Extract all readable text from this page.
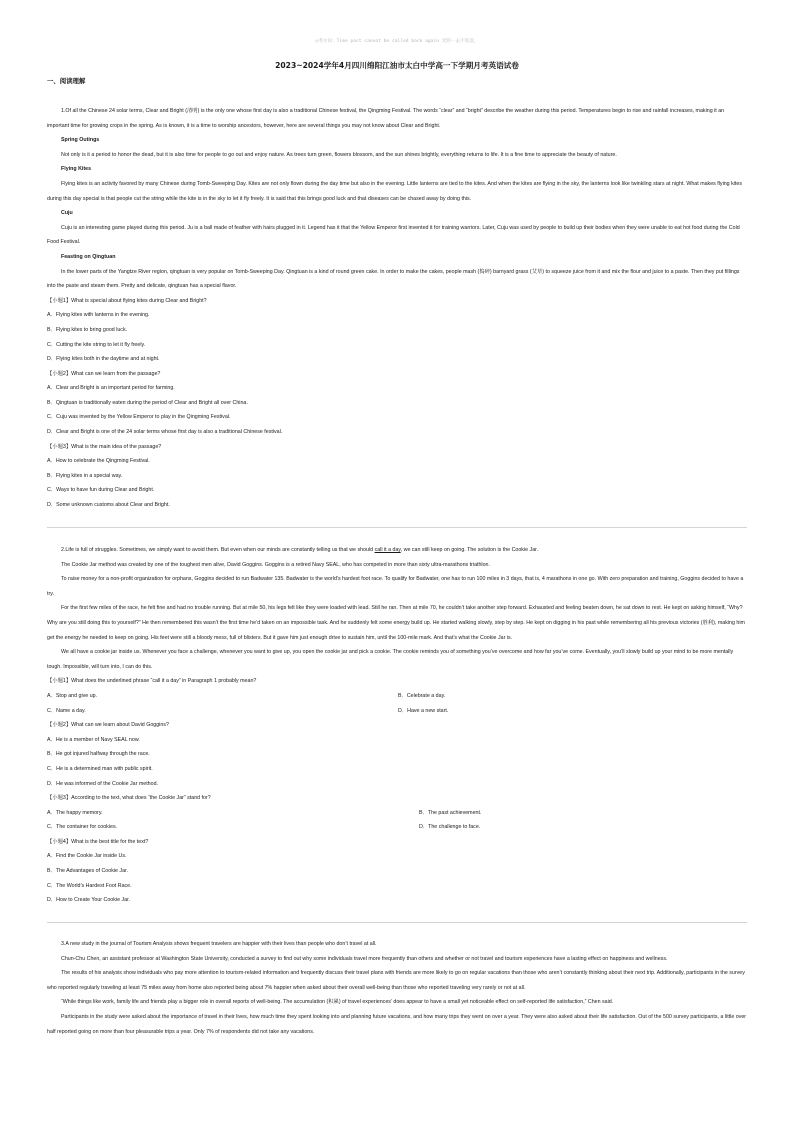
◎考尔问：Time past cannot be called back again 光阴一去不复返。
2023~2024学年4月四川绵阳江油市太白中学高一下学期月考英语试卷
一、阅读理解

1.Of all the Chinese 24 solar terms, Clear and Bright (清明) is the only one whose first day is also a traditional Chinese festival, the Qingming Festival. The words “clear” and “bright” describe the weather during this period. Temperatures begin to rise and rainfall increases, making it an important time for growing crops in the spring. As is known, it is a time to worship ancestors, however, here are several things you may not know about Clear and Bright.

Spring Outings

Not only is it a period to honor the dead, but it is also time for people to go out and enjoy nature. As trees turn green, flowers blossom, and the sun shines brightly, everything returns to life. It is a fine time to appreciate the beauty of nature.

Flying Kites

Flying kites is an activity favored by many Chinese during Tomb-Sweeping Day. Kites are not only flown during the day time but also in the evening. Little lanterns are tied to the kites. And when the kites are flying in the sky, the lanterns look like twinkling stars at night. What makes flying kites during this day special is that people cut the string while the kite is in the sky to let it fly freely. It is said that this brings good luck and that diseases can be chased away by doing this.

Cuju

Cuju is an interesting game played during this period. Ju is a ball made of feather with hairs plugged in it. Legend has it that the Yellow Emperor first invented it for training warriors. Later, Cuju was used by people to build up their bodies when they were unable to eat hot food during the Cold Food Festival.

Feasting on Qingtuan

In the lower parts of the Yangtze River region, qingtuan is very popular on Tomb-Sweeping Day. Qingtuan is a kind of round green cake. In order to make the cakes, people mash (捣碎) barnyard grass (艾草) to squeeze juice from it and mix the flour and juice to a paste. Then they put fillings into the paste and steam them. Pretty and delicate, qingtuan has a special flavor.

【小题1】What is special about flying kites during Clear and Bright?

A．Flying kites with lanterns in the evening.

B．Flying kites to bring good luck.

C．Cutting the kite string to let it fly freely.

D．Flying kites both in the daytime and at night.

【小题2】What can we learn from the passage?

A．Clear and Bright is an important period for farming.

B．Qingtuan is traditionally eaten during the period of Clear and Bright all over China.

C．Cuju was invented by the Yellow Emperor to play in the Qingming Festival.

D．Clear and Bright is one of the 24 solar terms whose first day is also a traditional Chinese festival.

【小题3】What is the main idea of the passage?

A．How to celebrate the Qingming Festival.

B．Flying kites in a special way.

C．Ways to have fun during Clear and Bright.

D．Some unknown customs about Clear and Bright.

2.Life is full of struggles. Sometimes, we simply want to avoid them. But even when our minds are constantly telling us that we should call it a day, we can still keep on going. The solution is the Cookie Jar.

The Cookie Jar method was created by one of the toughest men alive, David Goggins. Goggins is a retired Navy SEAL, who has competed in more than sixty ultra-marathons triathlon.

To raise money for a non-profit organization for orphans, Goggins decided to run Badwater 135. Badwater is the world’s hardest foot race. To qualify for Badwater, one has to run 100 miles in 3 days, that is, 4 marathons in one go. With zero preparation and training, Goggins decided to have a try.

For the first few miles of the race, he felt fine and had no trouble running. But at mile 50, his legs felt like they were loaded with lead. Still he ran. Then at mile 70, he couldn’t take another step forward. Exhausted and feeling beaten down, he sat down to rest. He kept on asking himself, “Why? Why are you still doing this to yourself?” He then remembered this wasn’t the first time he’d taken on an impossible task. And he suddenly felt some energy build up. He started walking slowly, step by step. He kept on digging in his past while remembering all his previous victories (胜利), making him get the energy he needed to keep on going. His feet were still a bloody mess, full of blisters. But it gave him just enough drive to sustain him, until the 100-mile mark. And that’s what the Cookie Jar is.

We all have a cookie jar inside us. Whenever you face a challenge, whenever you want to give up, you open the cookie jar and pick a cookie. The cookie reminds you of something you’ve overcome and how far you’ve come. Eventually, you’ll slowly build up your mind to be more mentally tough. Impossible, will turn into, I can do this.

【小题1】What does the underlined phrase “call it a day” in Paragraph 1 probably mean?

A．Stop and give up.	B．Celebrate a day.
C．Name a day.	D．Have a new start.

【小题2】What can we learn about David Goggins?

A．He is a member of Navy SEAL now.

B．He got injured halfway through the race.

C．He is a determined man with public spirit.

D．He was informed of the Cookie Jar method.

【小题3】According to the text, what does “the Cookie Jar” stand for?

A．The happy memory.	B．The past achievement.
C．The container for cookies.	D．The challenge to face.

【小题4】What is the best title for the text?

A．Find the Cookie Jar inside Us.

B．The Advantages of Cookie Jar.

C．The World’s Hardest Foot Race.

D．How to Create Your Cookie Jar.

3.A new study in the journal of Tourism Analysis shows frequent travelers are happier with their lives than people who don’t travel at all.

Chun-Chu Chen, an assistant professor at Washington State University, conducted a survey to find out why some individuals travel more frequently than others and whether or not travel and tourism experiences have a lasting effect on happiness and wellness.

The results of his analysis show individuals who pay more attention to tourism-related information and frequently discuss their travel plans with friends are more likely to go on regular vacations than those who aren’t constantly thinking about their next trip. Additionally, participants in the survey who reported regularly traveling at least 75 miles away from home also reported being about 7% happier when asked about their overall well-being than those who reported traveling very rarely or not at all.

“While things like work, family life and friends play a bigger role in overall reports of well-being. The accumulation (积累) of travel experiences’ does appear to have a small yet noticeable effect on self-reported life satisfaction,” Chen said.

Participants in the study were asked about the importance of travel in their lives, how much time they spent looking into and planning future vacations, and how many trips they went on over a year. They were also asked about their life satisfaction. Out of the 500 survey participants, a little over half reported going on more than four pleasurable trips a year. Only 7% of respondents did not take any vacations.
